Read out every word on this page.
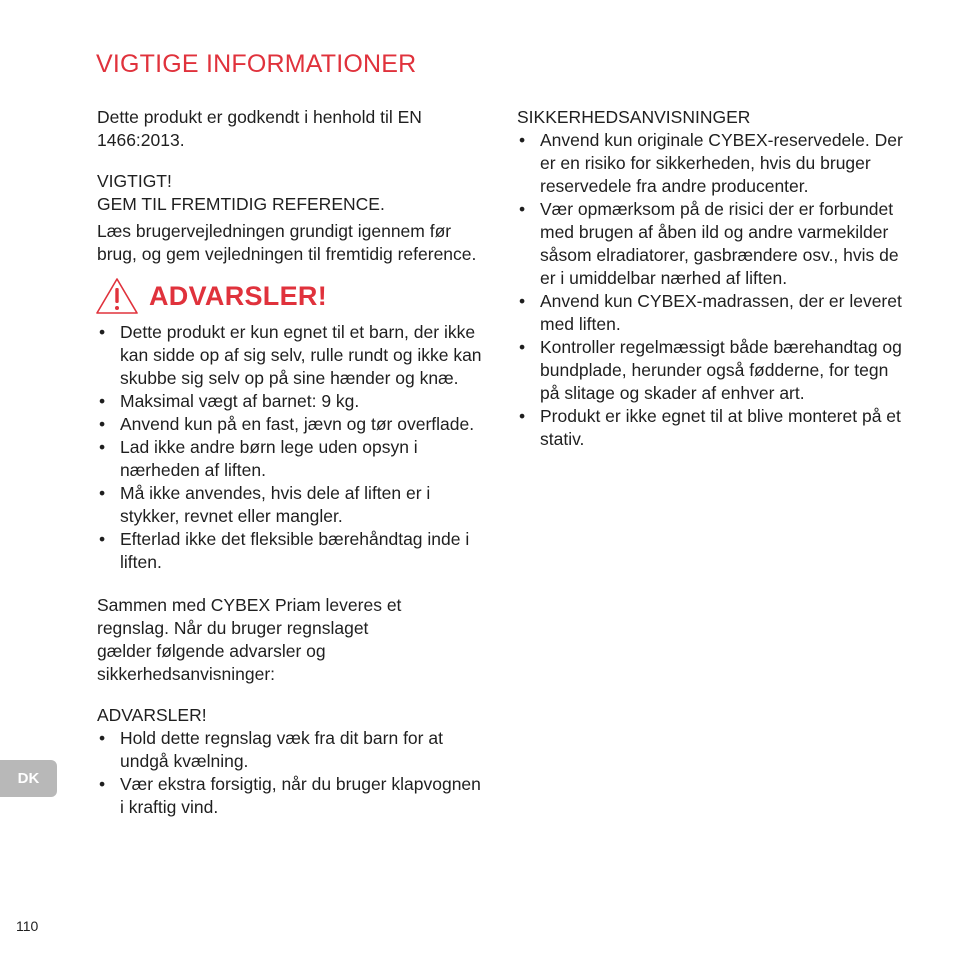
VIGTIGE INFORMATIONER

Dette produkt er godkendt i henhold til EN 1466:2013.

VIGTIGT!

GEM TIL FREMTIDIG REFERENCE.

Læs brugervejledningen grundigt igennem før brug, og gem vejledningen til fremtidig reference.

ADVARSLER!
• Dette produkt er kun egnet til et barn, der ikke kan sidde op af sig selv, rulle rundt og ikke kan skubbe sig selv op på sine hænder og knæ.
• Maksimal vægt af barnet: 9 kg.
• Anvend kun på en fast, jævn og tør overflade.
• Lad ikke andre børn lege uden opsyn i nærheden af liften.
• Må ikke anvendes, hvis dele af liften er i stykker, revnet eller mangler.
• Efterlad ikke det fleksible bærehåndtag inde i liften.

Sammen med CYBEX Priam leveres et regnslag. Når du bruger regnslaget gælder følgende advarsler og sikkerhedsanvisninger:

ADVARSLER!

• Hold dette regnslag væk fra dit barn for at undgå kvælning.
• Vær ekstra forsigtig, når du bruger klapvognen i kraftig vind.

SIKKERHEDSANVISNINGER

• Anvend kun originale CYBEX-reservedele. Der er en risiko for sikkerheden, hvis du bruger reservedele fra andre producenter.
• Vær opmærksom på de risici der er forbundet med brugen af åben ild og andre varmekilder såsom elradiatorer, gasbrændere osv., hvis de er i umiddelbar nærhed af liften.
• Anvend kun CYBEX-madrassen, der er leveret med liften.
• Kontroller regelmæssigt både bærehandtag og bundplade, herunder også fødderne, for tegn på slitage og skader af enhver art.
• Produkt er ikke egnet til at blive monteret på et stativ.
DK
110
